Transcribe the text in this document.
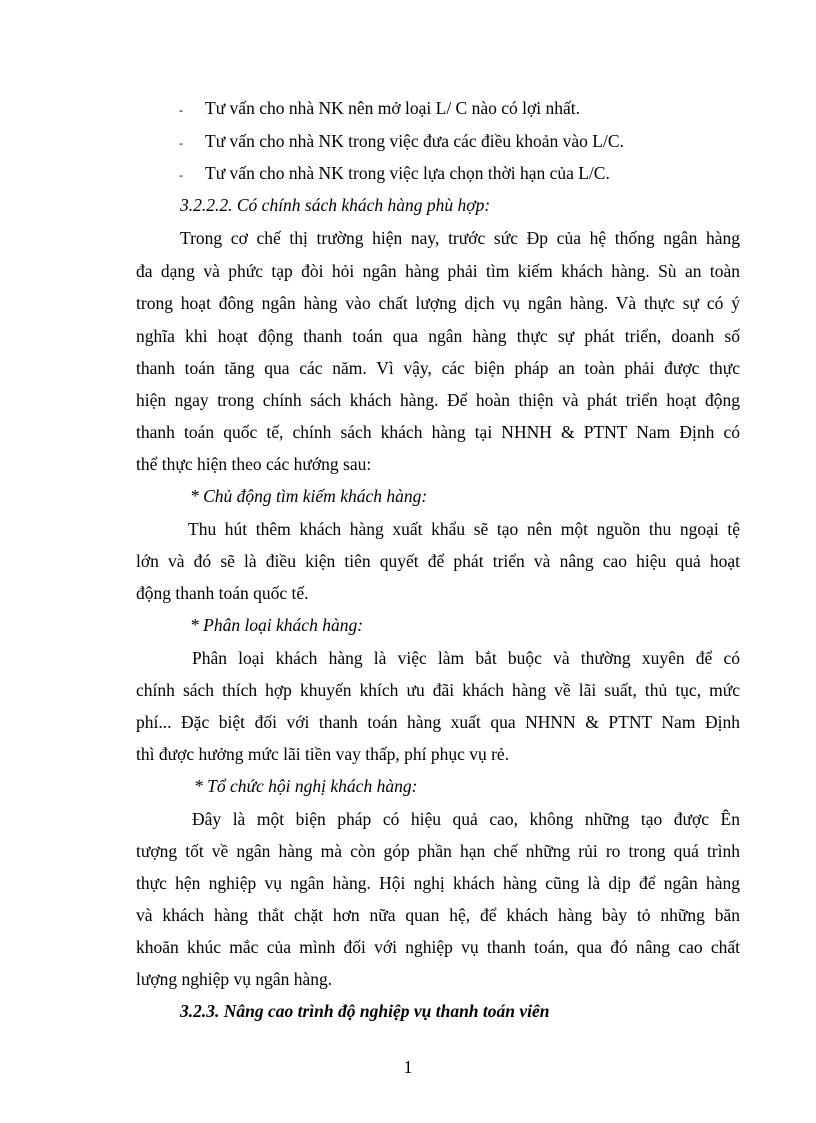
- Tư vấn cho nhà NK nên mở loại L/ C nào có lợi nhất.
- Tư vấn cho nhà NK trong việc đưa các điều khoản vào L/C.
- Tư vấn cho nhà NK trong việc lựa chọn thời hạn của L/C.
3.2.2.2. Có chính sách khách hàng phù hợp:
Trong cơ chế thị trường hiện nay, trước sức Ðp của hệ thống ngân hàng
đa dạng và phức tạp đòi hỏi ngân hàng phải tìm kiếm khách hàng. Sù an toàn
trong hoạt đông ngân hàng vào chất lượng dịch vụ ngân hàng. Và thực sự có ý
nghĩa khi hoạt động thanh toán qua ngân hàng thực sự phát triển, doanh số
thanh toán tăng qua các năm. Vì vậy, các biện pháp an toàn phải được thực
hiện ngay trong chính sách khách hàng. Để hoàn thiện và phát triển hoạt động
thanh toán quốc tế, chính sách khách hàng tại NHNH & PTNT Nam Định có
thể thực hiện theo các hướng sau:
* Chủ động tìm kiếm khách hàng:
Thu hút thêm khách hàng xuất khẩu sẽ tạo nên một nguồn thu ngoại tệ
lớn và đó sẽ là điều kiện tiên quyết để phát triển và nâng cao hiệu quả hoạt
động thanh toán quốc tế.
* Phân loại khách hàng:
Phân loại khách hàng là việc làm bắt buộc và thường xuyên để có
chính sách thích hợp khuyến khích ưu đãi khách hàng về lãi suất, thủ tục, mức
phí... Đặc biệt đối với thanh toán hàng xuất qua NHNN & PTNT Nam Định
thì được hưởng mức lãi tiền vay thấp, phí phục vụ rẻ.
* Tổ chức hội nghị khách hàng:
Đây là một biện pháp có hiệu quả cao, không những tạo được Ên
tượng tốt về ngân hàng mà còn góp phần hạn chế những rủi ro trong quá trình
thực hện nghiệp vụ ngân hàng. Hội nghị khách hàng cũng là dịp để ngân hàng
và khách hàng thắt chặt hơn nữa quan hệ, để khách hàng bày tỏ những băn
khoăn khúc mắc của mình đối với nghiệp vụ thanh toán, qua đó nâng cao chất
lượng nghiệp vụ ngân hàng.
3.2.3. Nâng cao trình độ nghiệp vụ thanh toán viên
1
